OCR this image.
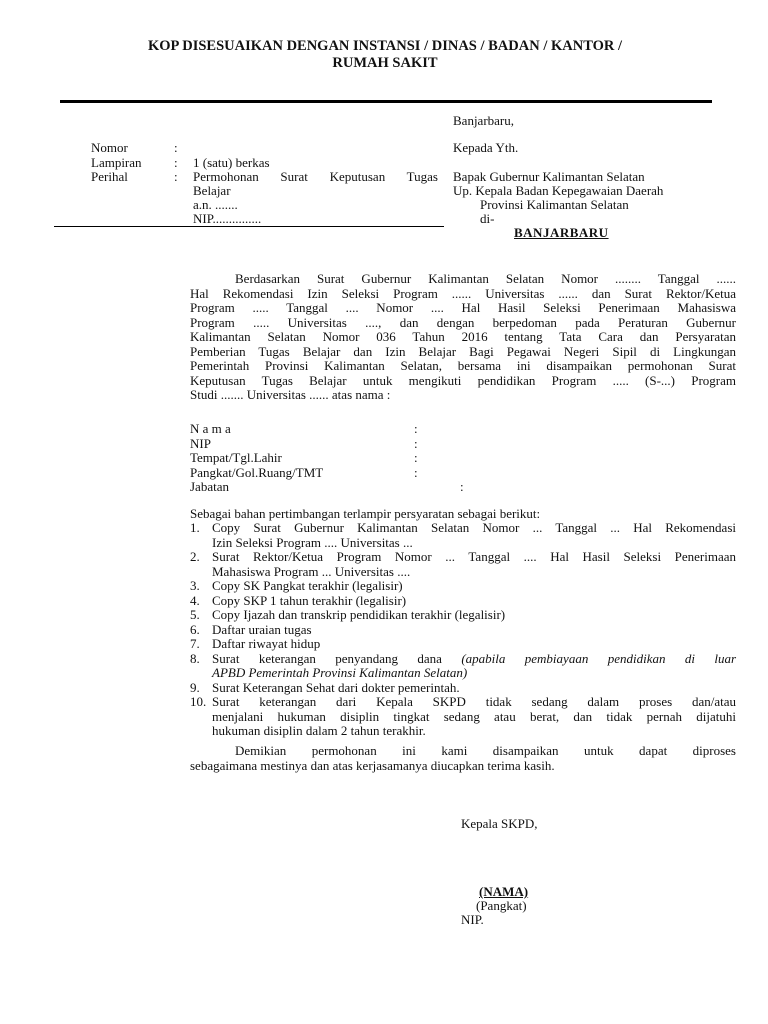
KOP DISESUAIKAN DENGAN INSTANSI / DINAS / BADAN / KANTOR /
RUMAH SAKIT
Banjarbaru,
Nomor	:
Lampiran : 1 (satu) berkas
Perihal	: Permohonan Surat Keputusan Tugas
Belajar
a.n. .......
NIP...............
Kepada Yth.
Bapak Gubernur Kalimantan Selatan
Up. Kepala Badan Kepegawaian Daerah
Provinsi Kalimantan Selatan
di-
BANJARBARU
Berdasarkan Surat Gubernur Kalimantan Selatan Nomor ........ Tanggal ......
Hal Rekomendasi Izin Seleksi Program ...... Universitas ...... dan Surat Rektor/Ketua
Program ..... Tanggal .... Nomor .... Hal Hasil Seleksi Penerimaan Mahasiswa
Program ..... Universitas ...., dan dengan berpedoman pada Peraturan Gubernur
Kalimantan Selatan Nomor 036 Tahun 2016 tentang Tata Cara dan Persyaratan
Pemberian Tugas Belajar dan Izin Belajar Bagi Pegawai Negeri Sipil di Lingkungan
Pemerintah Provinsi Kalimantan Selatan, bersama ini disampaikan permohonan Surat
Keputusan Tugas Belajar untuk mengikuti pendidikan Program ..... (S-...) Program
Studi ....... Universitas ...... atas nama :
N a m a	:
NIP	:
Tempat/Tgl.Lahir	:
Pangkat/Gol.Ruang/TMT	:
Jabatan	:
Sebagai bahan pertimbangan terlampir persyaratan sebagai berikut:
1. Copy Surat Gubernur Kalimantan Selatan Nomor ... Tanggal ... Hal Rekomendasi
Izin Seleksi Program .... Universitas ...
2. Surat Rektor/Ketua Program Nomor ... Tanggal .... Hal Hasil Seleksi Penerimaan
Mahasiswa Program ... Universitas ....
3. Copy SK Pangkat terakhir (legalisir)
4. Copy SKP 1 tahun terakhir (legalisir)
5. Copy Ijazah dan transkrip pendidikan terakhir (legalisir)
6. Daftar uraian tugas
7. Daftar riwayat hidup
8. Surat keterangan penyandang dana (apabila pembiayaan pendidikan di luar
APBD Pemerintah Provinsi Kalimantan Selatan)
9. Surat Keterangan Sehat dari dokter pemerintah.
10. Surat keterangan dari Kepala SKPD tidak sedang dalam proses dan/atau
menjalani hukuman disiplin tingkat sedang atau berat, dan tidak pernah dijatuhi
hukuman disiplin dalam 2 tahun terakhir.
Demikian permohonan ini kami disampaikan untuk dapat diproses
sebagaimana mestinya dan atas kerjasamanya diucapkan terima kasih.
Kepala SKPD,
(NAMA)
(Pangkat)
NIP.
